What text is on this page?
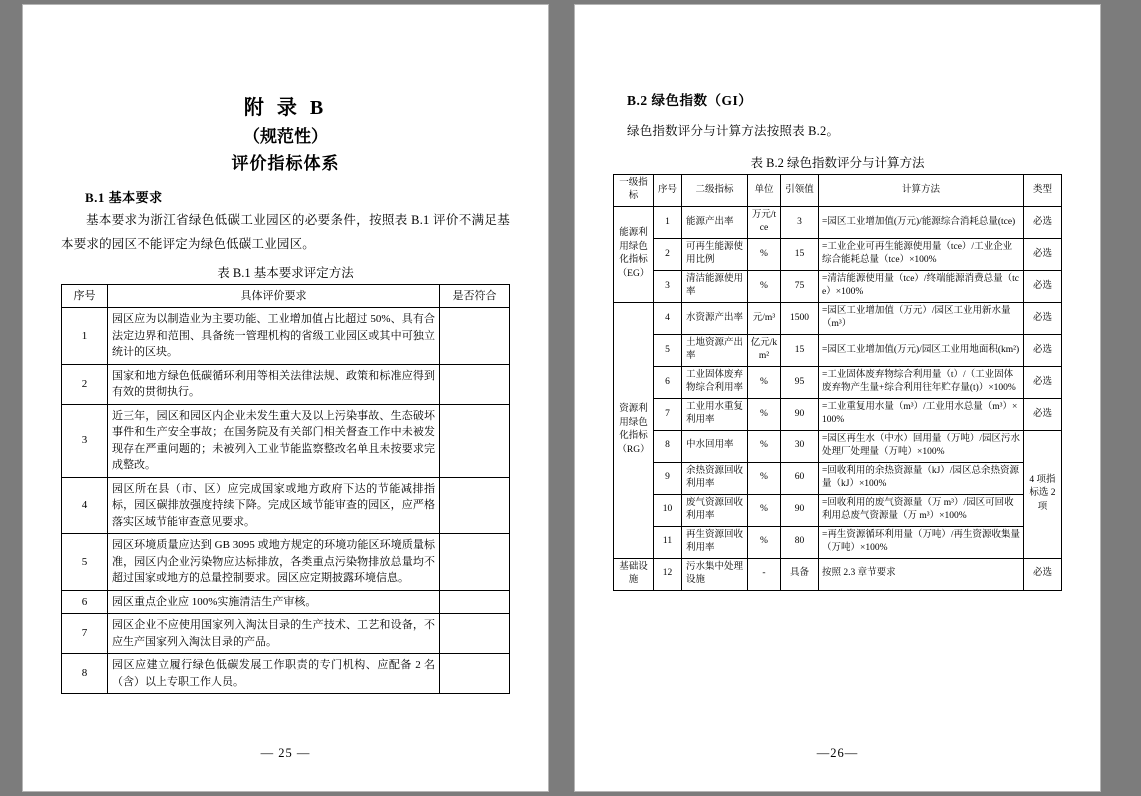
附 录 B
（规范性）
评价指标体系
B.1 基本要求
基本要求为浙江省绿色低碳工业园区的必要条件，按照表 B.1 评价不满足基本要求的园区不能评定为绿色低碳工业园区。
表 B.1 基本要求评定方法
序号	具体评价要求	是否符合
1	园区应为以制造业为主要功能、工业增加值占比超过 50%、具有合法定边界和范围、具备统一管理机构的省级工业园区或其中可独立统计的区块。	
2	国家和地方绿色低碳循环利用等相关法律法规、政策和标准应得到有效的贯彻执行。	
3	近三年，园区和园区内企业未发生重大及以上污染事故、生态破坏事件和生产安全事故；在国务院及有关部门相关督查工作中未被发现存在严重问题的；未被列入工业节能监察整改名单且未按要求完成整改。	
4	园区所在县（市、区）应完成国家或地方政府下达的节能减排指标，园区碳排放强度持续下降。完成区域节能审查的园区，应严格落实区域节能审查意见要求。	
5	园区环境质量应达到 GB 3095 或地方规定的环境功能区环境质量标准，园区内企业污染物应达标排放，各类重点污染物排放总量均不超过国家或地方的总量控制要求。园区应定期披露环境信息。	
6	园区重点企业应 100%实施清洁生产审核。	
7	园区企业不应使用国家列入淘汰目录的生产技术、工艺和设备，不应生产国家列入淘汰目录的产品。	
8	园区应建立履行绿色低碳发展工作职责的专门机构、应配备 2 名（含）以上专职工作人员。	
— 25 —
B.2 绿色指数（GI）
绿色指数评分与计算方法按照表 B.2。
表 B.2 绿色指数评分与计算方法
一级指标	序号	二级指标	单位	引领值	计算方法	类型
能源利用绿色化指标（EG）	1	能源产出率	万元/tce	3	=园区工业增加值(万元)/能源综合消耗总量(tce)	必选
	2	可再生能源使用比例	%	15	=工业企业可再生能源使用量（tce）/工业企业综合能耗总量（tce）×100%	必选
	3	清洁能源使用率	%	75	=清洁能源使用量（tce）/终端能源消费总量（tce）×100%	必选
资源利用绿色化指标（RG）	4	水资源产出率	元/m³	1500	=园区工业增加值（万元）/园区工业用新水量（m³）	必选
	5	土地资源产出率	亿元/km²	15	=园区工业增加值(万元)/园区工业用地面积(km²)	必选
	6	工业固体废弃物综合利用率	%	95	=工业固体废弃物综合利用量（t）/（工业固体废弃物产生量+综合利用往年贮存量(t)）×100%	必选
	7	工业用水重复利用率	%	90	=工业重复用水量（m³）/工业用水总量（m³）×100%	必选
	8	中水回用率	%	30	=园区再生水（中水）回用量（万吨）/园区污水处理厂处理量（万吨）×100%	4 项指标选 2 项
	9	余热资源回收利用率	%	60	=回收利用的余热资源量（kJ）/园区总余热资源量（kJ）×100%	
	10	废气资源回收利用率	%	90	=回收利用的废气资源量（万 m³）/园区可回收利用总废气资源量（万 m³）×100%	
	11	再生资源回收利用率	%	80	=再生资源循环利用量（万吨）/再生资源收集量（万吨）×100%	
基础设施	12	污水集中处理设施	-	具备	按照 2.3 章节要求	必选
—26—
